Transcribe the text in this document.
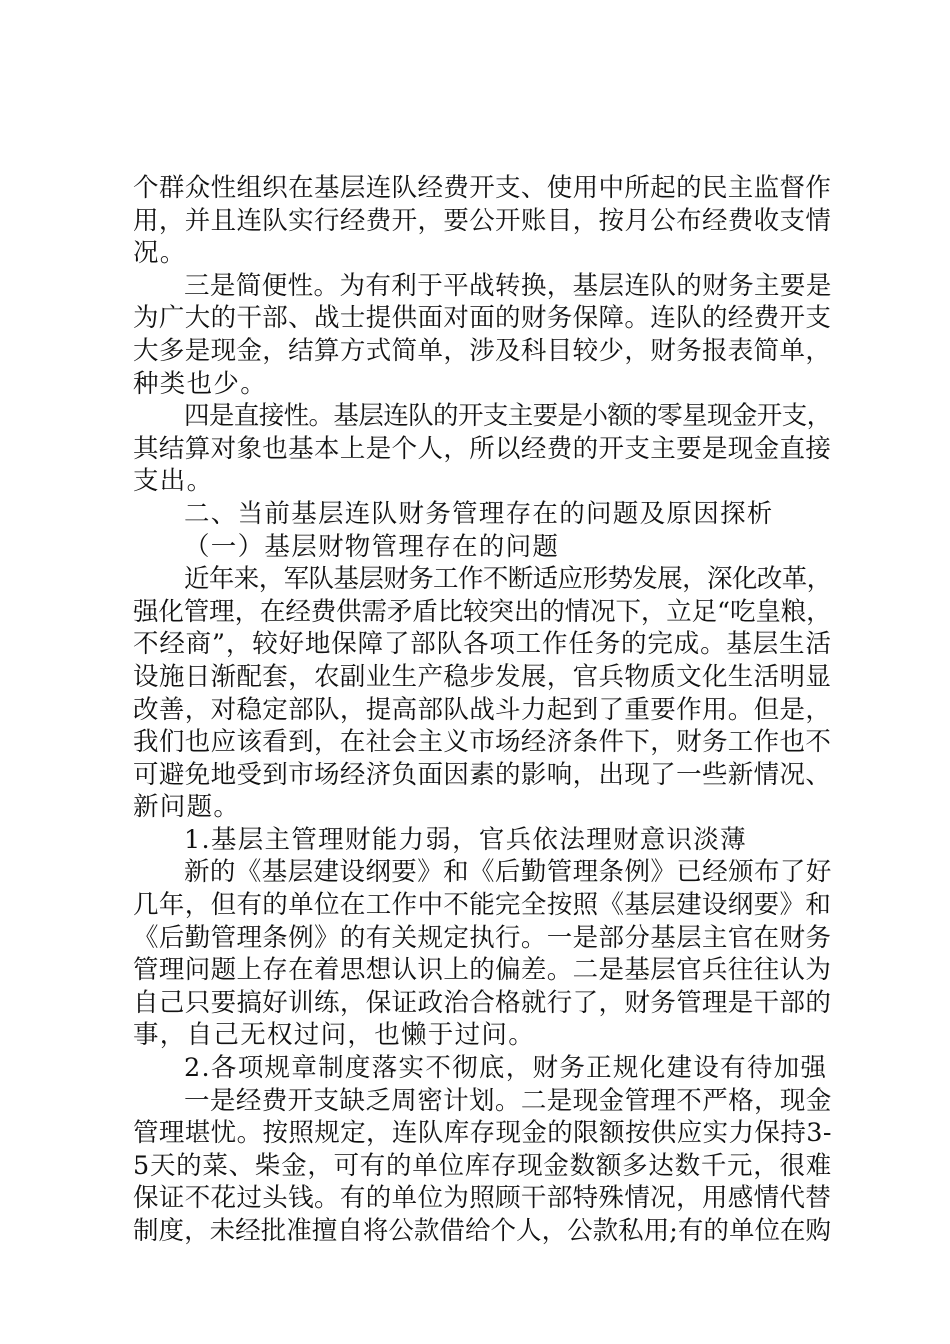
个群众性组织在基层连队经费开支、使用中所起的民主监督作
用，并且连队实行经费开，要公开账目，按月公布经费收支情
况。
三是简便性。为有利于平战转换，基层连队的财务主要是
为广大的干部、战士提供面对面的财务保障。连队的经费开支
大多是现金，结算方式简单，涉及科目较少，财务报表简单，
种类也少。
四是直接性。基层连队的开支主要是小额的零星现金开支，
其结算对象也基本上是个人，所以经费的开支主要是现金直接
支出。
二、当前基层连队财务管理存在的问题及原因探析
（一）基层财物管理存在的问题
近年来，军队基层财务工作不断适应形势发展，深化改革，
强化管理，在经费供需矛盾比较突出的情况下，立足“吃皇粮，
不经商”，较好地保障了部队各项工作任务的完成。基层生活
设施日渐配套，农副业生产稳步发展，官兵物质文化生活明显
改善，对稳定部队，提高部队战斗力起到了重要作用。但是，
我们也应该看到，在社会主义市场经济条件下，财务工作也不
可避免地受到市场经济负面因素的影响，出现了一些新情况、
新问题。
1.基层主管理财能力弱，官兵依法理财意识淡薄
新的《基层建设纲要》和《后勤管理条例》已经颁布了好
几年，但有的单位在工作中不能完全按照《基层建设纲要》和
《后勤管理条例》的有关规定执行。一是部分基层主官在财务
管理问题上存在着思想认识上的偏差。二是基层官兵往往认为
自己只要搞好训练，保证政治合格就行了，财务管理是干部的
事，自己无权过问，也懒于过问。
2.各项规章制度落实不彻底，财务正规化建设有待加强
一是经费开支缺乏周密计划。二是现金管理不严格，现金
管理堪忧。按照规定，连队库存现金的限额按供应实力保持3-
5天的菜、柴金，可有的单位库存现金数额多达数千元，很难
保证不花过头钱。有的单位为照顾干部特殊情况，用感情代替
制度，未经批准擅自将公款借给个人，公款私用;有的单位在购
